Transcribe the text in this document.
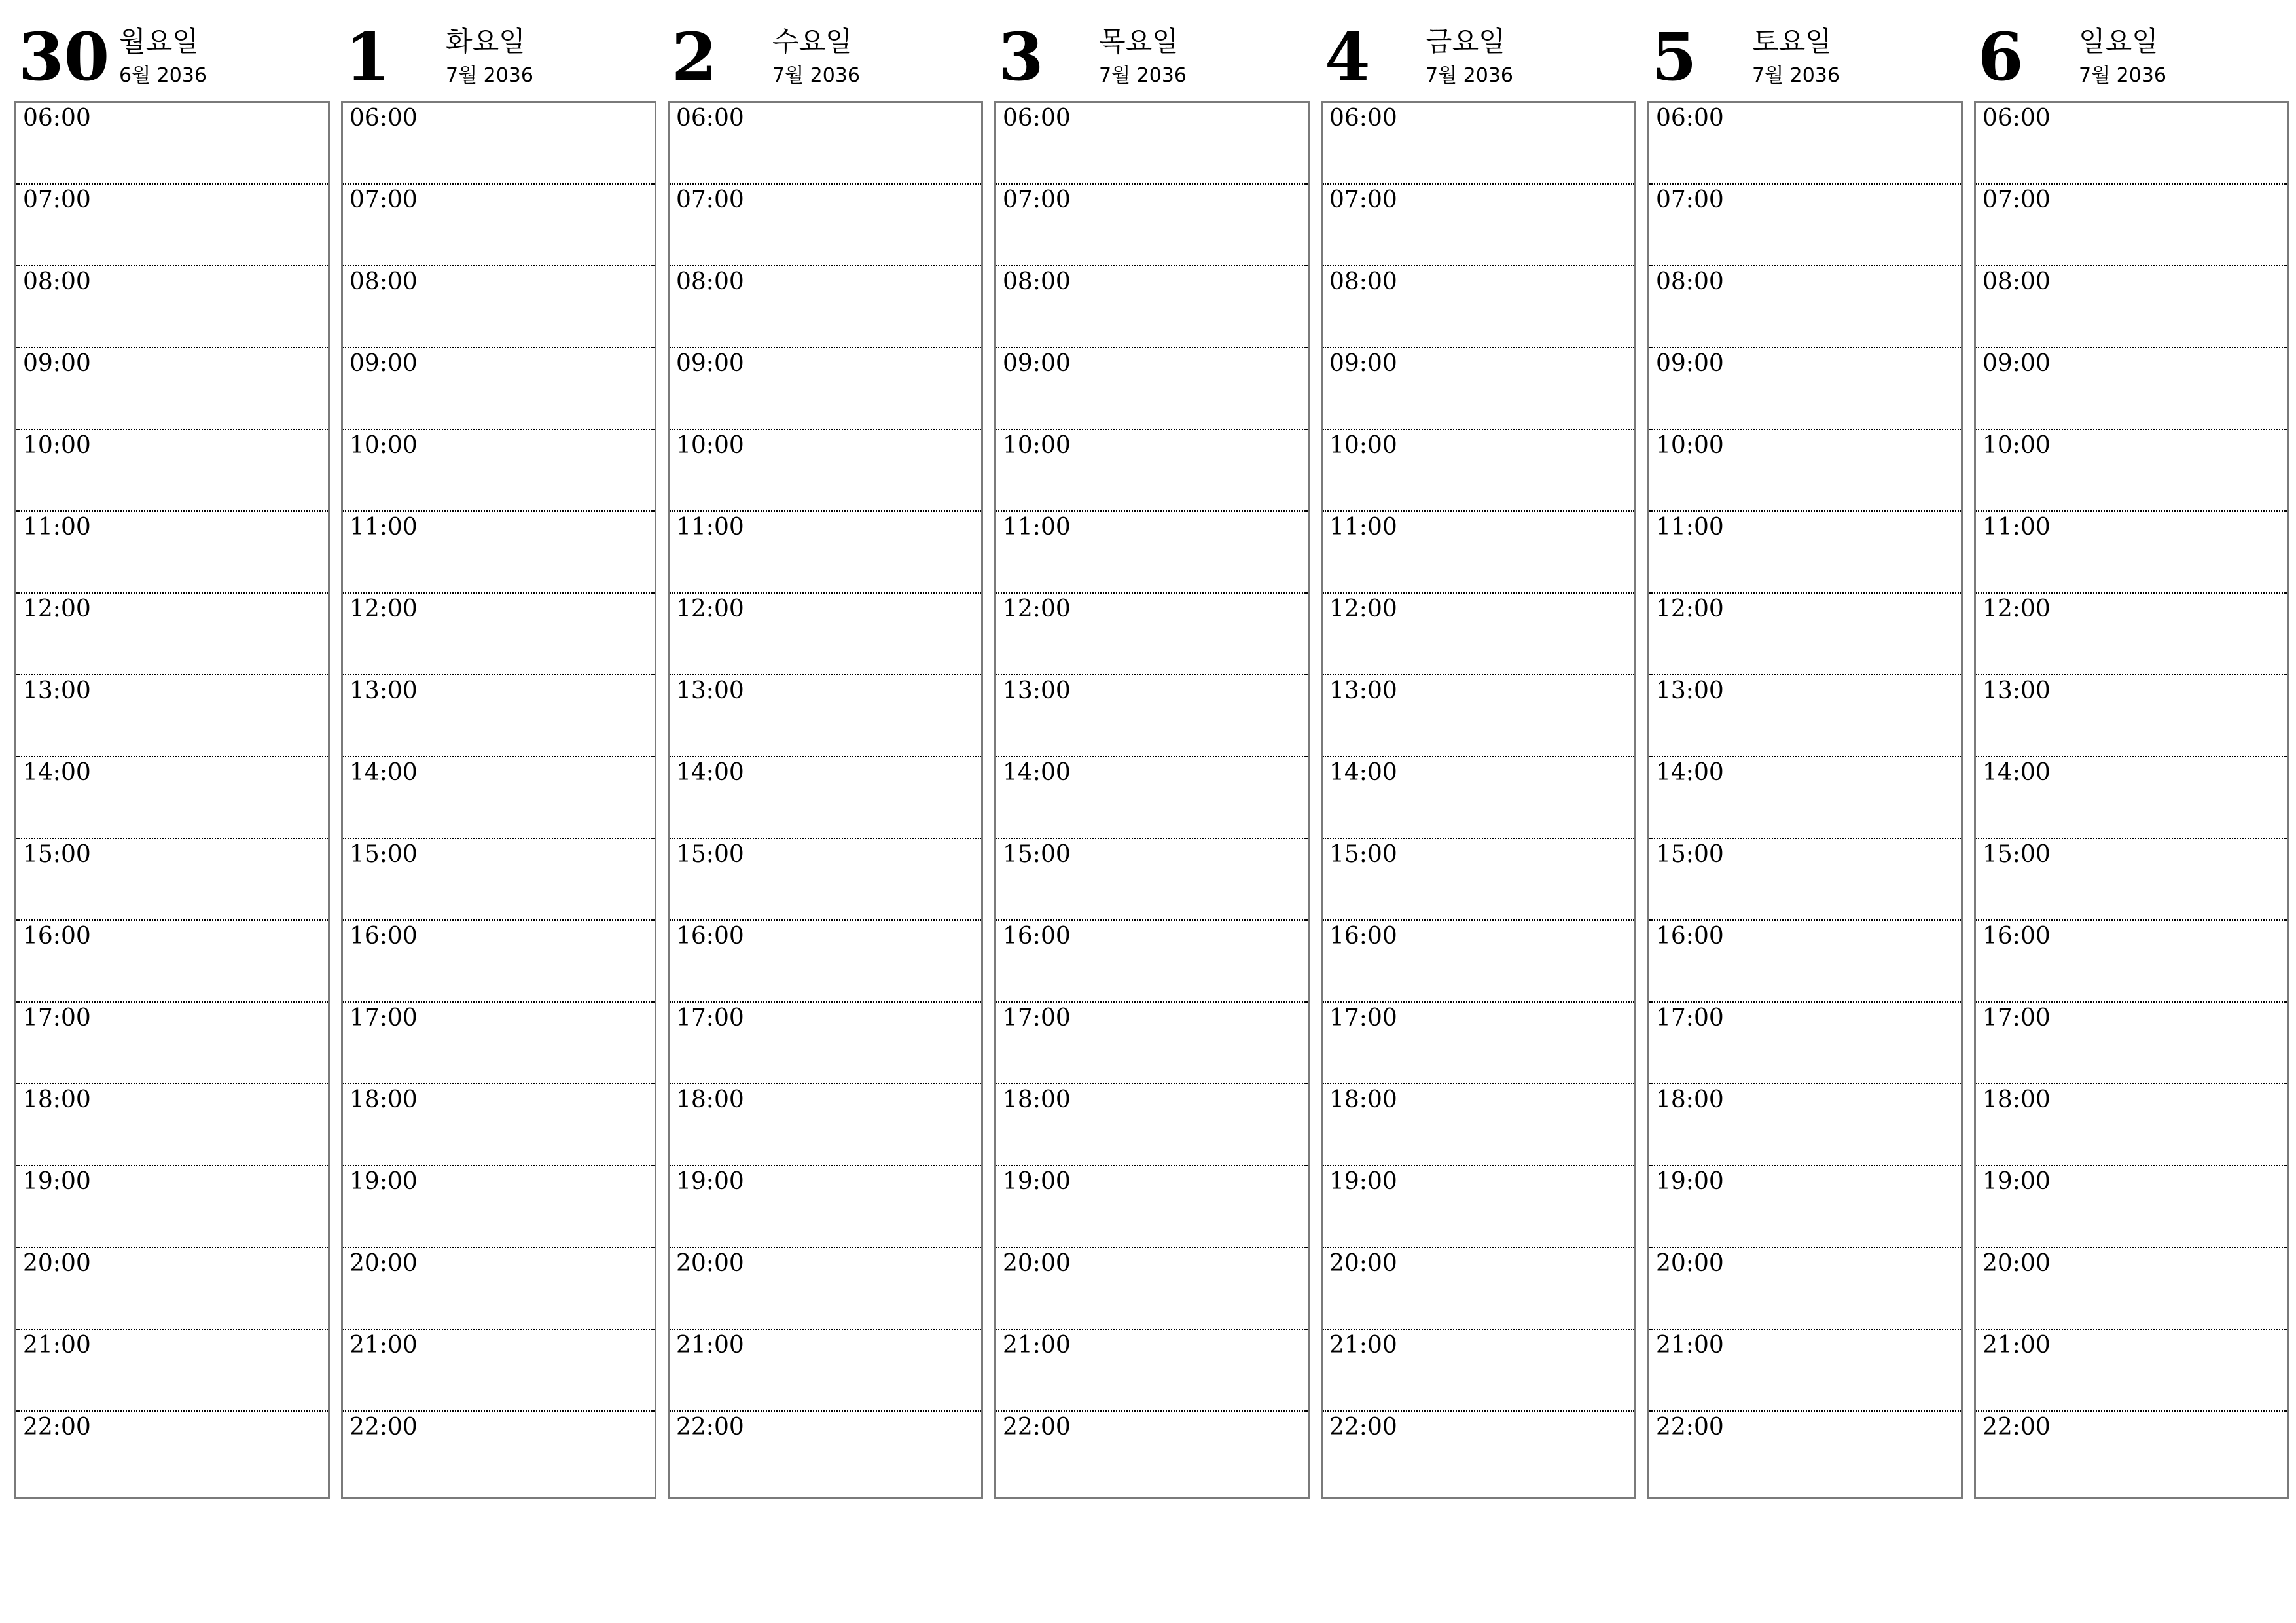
30 월요일
6월 2036
06:00
07:00
08:00
09:00
10:00
11:00
12:00
13:00
14:00
15:00
16:00
17:00
18:00
19:00
20:00
21:00
22:00
1 화요일
7월 2036
06:00
07:00
08:00
09:00
10:00
11:00
12:00
13:00
14:00
15:00
16:00
17:00
18:00
19:00
20:00
21:00
22:00
2 수요일
7월 2036
06:00
07:00
08:00
09:00
10:00
11:00
12:00
13:00
14:00
15:00
16:00
17:00
18:00
19:00
20:00
21:00
22:00
3 목요일
7월 2036
06:00
07:00
08:00
09:00
10:00
11:00
12:00
13:00
14:00
15:00
16:00
17:00
18:00
19:00
20:00
21:00
22:00
4 금요일
7월 2036
06:00
07:00
08:00
09:00
10:00
11:00
12:00
13:00
14:00
15:00
16:00
17:00
18:00
19:00
20:00
21:00
22:00
5 토요일
7월 2036
06:00
07:00
08:00
09:00
10:00
11:00
12:00
13:00
14:00
15:00
16:00
17:00
18:00
19:00
20:00
21:00
22:00
6 일요일
7월 2036
06:00
07:00
08:00
09:00
10:00
11:00
12:00
13:00
14:00
15:00
16:00
17:00
18:00
19:00
20:00
21:00
22:00
